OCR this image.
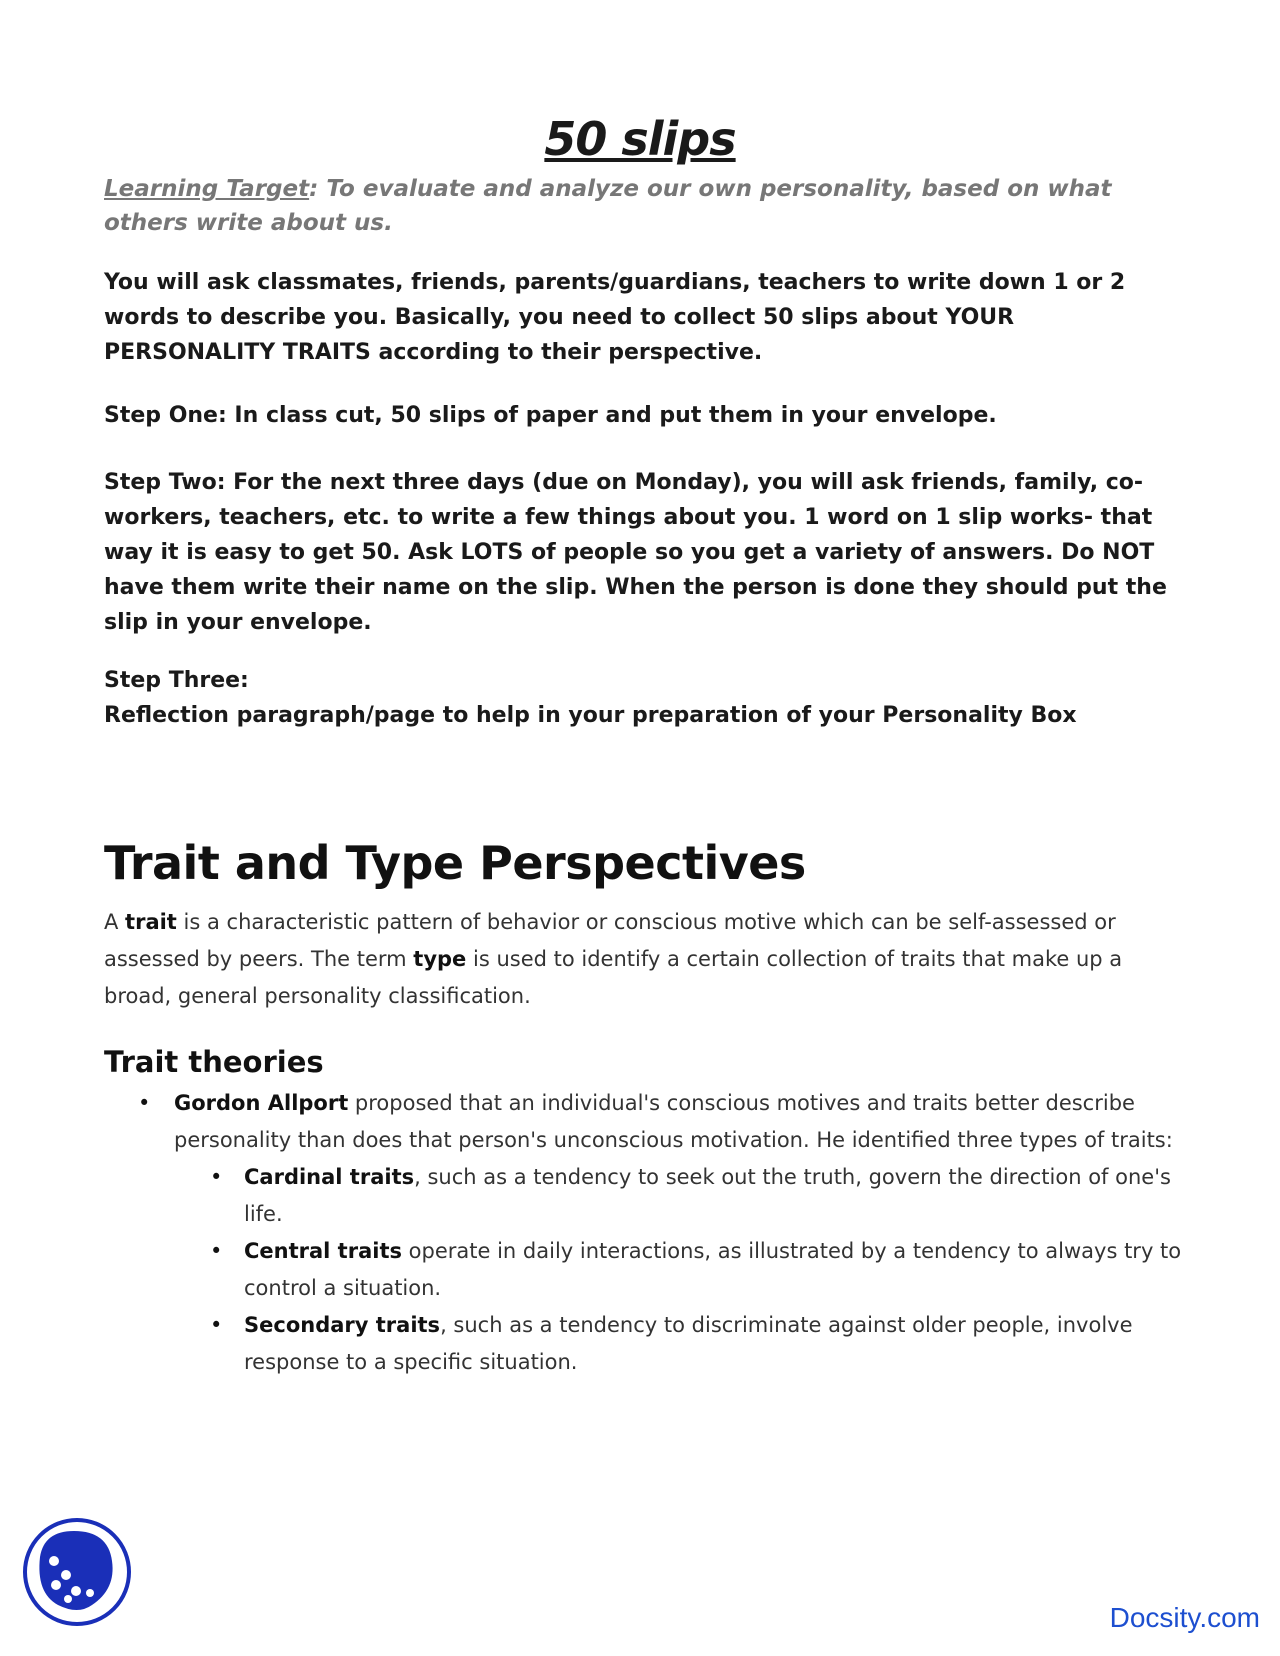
50 slips

Learning Target: To evaluate and analyze our own personality, based on what others write about us.

You will ask classmates, friends, parents/guardians, teachers to write down 1 or 2 words to describe you. Basically, you need to collect 50 slips about YOUR PERSONALITY TRAITS according to their perspective.

Step One: In class cut, 50 slips of paper and put them in your envelope.

Step Two: For the next three days (due on Monday), you will ask friends, family, co-workers, teachers, etc. to write a few things about you. 1 word on 1 slip works- that way it is easy to get 50. Ask LOTS of people so you get a variety of answers. Do NOT have them write their name on the slip. When the person is done they should put the slip in your envelope.

Step Three:
Reflection paragraph/page to help in your preparation of your Personality Box
Trait and Type Perspectives

A trait is a characteristic pattern of behavior or conscious motive which can be self-assessed or assessed by peers. The term type is used to identify a certain collection of traits that make up a broad, general personality classification.

Trait theories
• Gordon Allport proposed that an individual's conscious motives and traits better describe personality than does that person's unconscious motivation. He identified three types of traits:
• Cardinal traits, such as a tendency to seek out the truth, govern the direction of one's life.
• Central traits operate in daily interactions, as illustrated by a tendency to always try to control a situation.
• Secondary traits, such as a tendency to discriminate against older people, involve response to a specific situation.
Docsity.com
